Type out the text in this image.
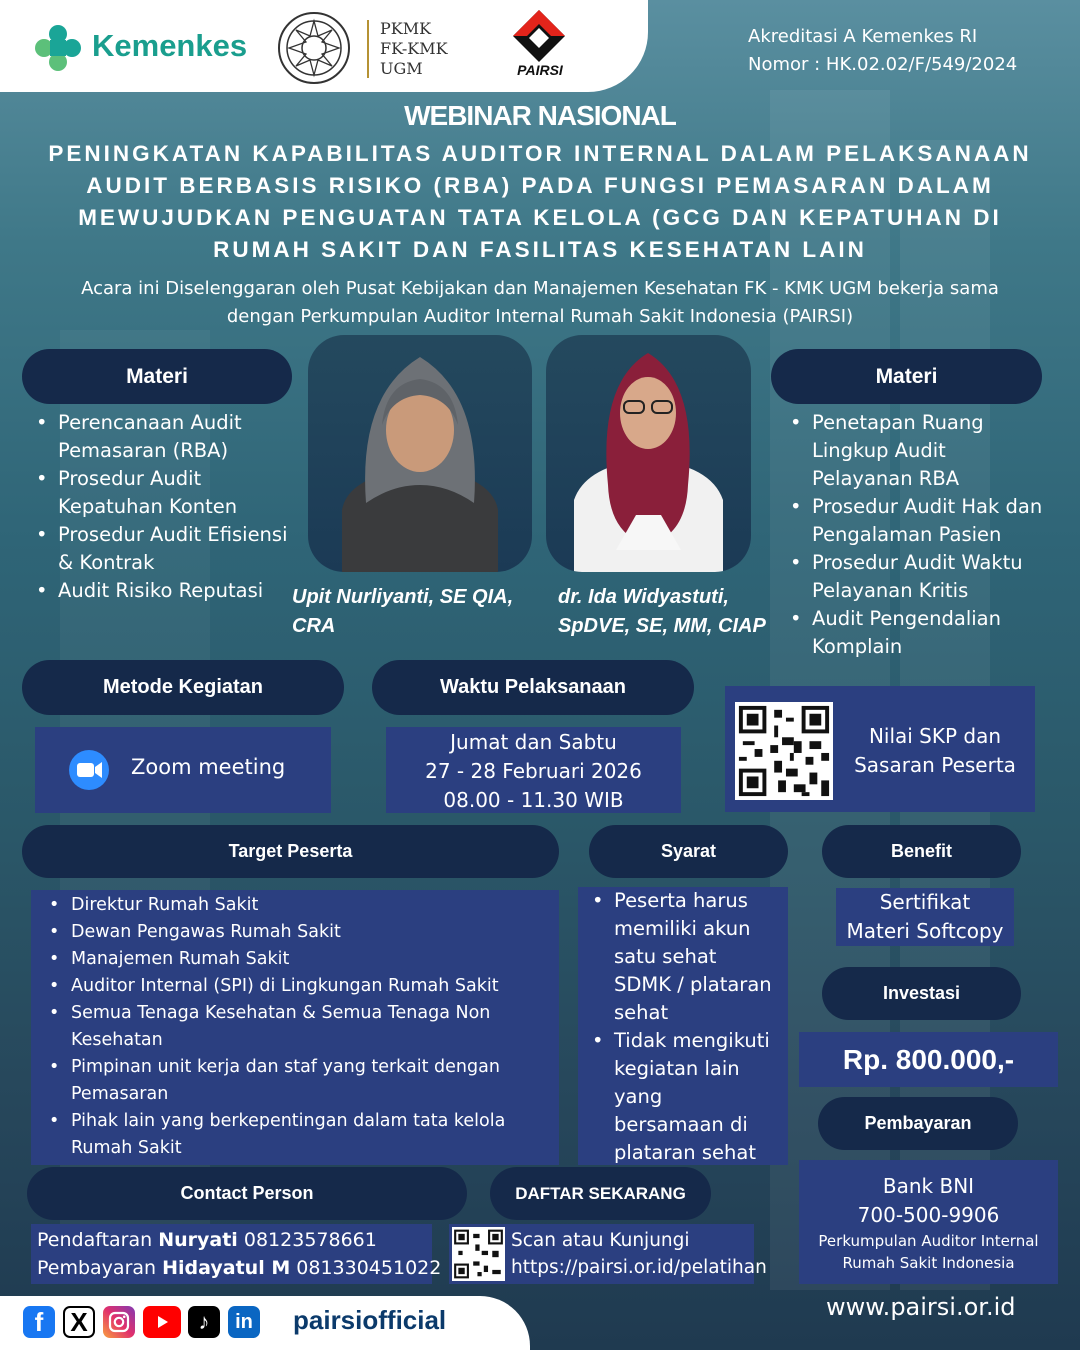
Kemenkes	PKMK
FK-KMK
UGM	PAIRSI
Akreditasi A Kemenkes RI
Nomor : HK.02.02/F/549/2024
WEBINAR NASIONAL
PENINGKATAN KAPABILITAS AUDITOR INTERNAL DALAM PELAKSANAAN
AUDIT BERBASIS RISIKO (RBA) PADA FUNGSI PEMASARAN DALAM
MEWUJUDKAN PENGUATAN TATA KELOLA (GCG DAN KEPATUHAN DI
RUMAH SAKIT DAN FASILITAS KESEHATAN LAIN
Acara ini Diselenggaran oleh Pusat Kebijakan dan Manajemen Kesehatan FK - KMK UGM bekerja sama
dengan Perkumpulan Auditor Internal Rumah Sakit Indonesia (PAIRSI)
Materi
• Perencanaan Audit
Pemasaran (RBA)
• Prosedur Audit
Kepatuhan Konten
• Prosedur Audit Efisiensi
& Kontrak
• Audit Risiko Reputasi	Upit Nurliyanti, SE QIA,
CRA
dr. Ida Widyastuti,
SpDVE, SE, MM, CIAP
Materi
• Penetapan Ruang
Lingkup Audit
Pelayanan RBA
• Prosedur Audit Hak dan
Pengalaman Pasien
• Prosedur Audit Waktu
Pelayanan Kritis
• Audit Pengendalian
Komplain
Metode Kegiatan
Zoom meeting
Waktu Pelaksanaan
Jumat dan Sabtu
27 - 28 Februari 2026
08.00 - 11.30 WIB
Nilai SKP dan
Sasaran Peserta
Target Peserta
• Direktur Rumah Sakit
• Dewan Pengawas Rumah Sakit
• Manajemen Rumah Sakit
• Auditor Internal (SPI) di Lingkungan Rumah Sakit
• Semua Tenaga Kesehatan & Semua Tenaga Non
Kesehatan
• Pimpinan unit kerja dan staf yang terkait dengan
Pemasaran
• Pihak lain yang berkepentingan dalam tata kelola
Rumah Sakit
Syarat
• Peserta harus
memiliki akun
satu sehat
SDMK / plataran
sehat
• Tidak mengikuti
kegiatan lain
yang
bersamaan di
plataran sehat
Benefit
Sertifikat
Materi Softcopy
Investasi
Rp. 800.000,-
Pembayaran
Bank BNI
700-500-9906
Perkumpulan Auditor Internal
Rumah Sakit Indonesia
Contact Person
Pendaftaran Nuryati 08123578661
Pembayaran Hidayatul M 081330451022
DAFTAR SEKARANG
Scan atau Kunjungi
https://pairsi.or.id/pelatihan
f	X	♪	in pairsiofficial	www.pairsi.or.id
